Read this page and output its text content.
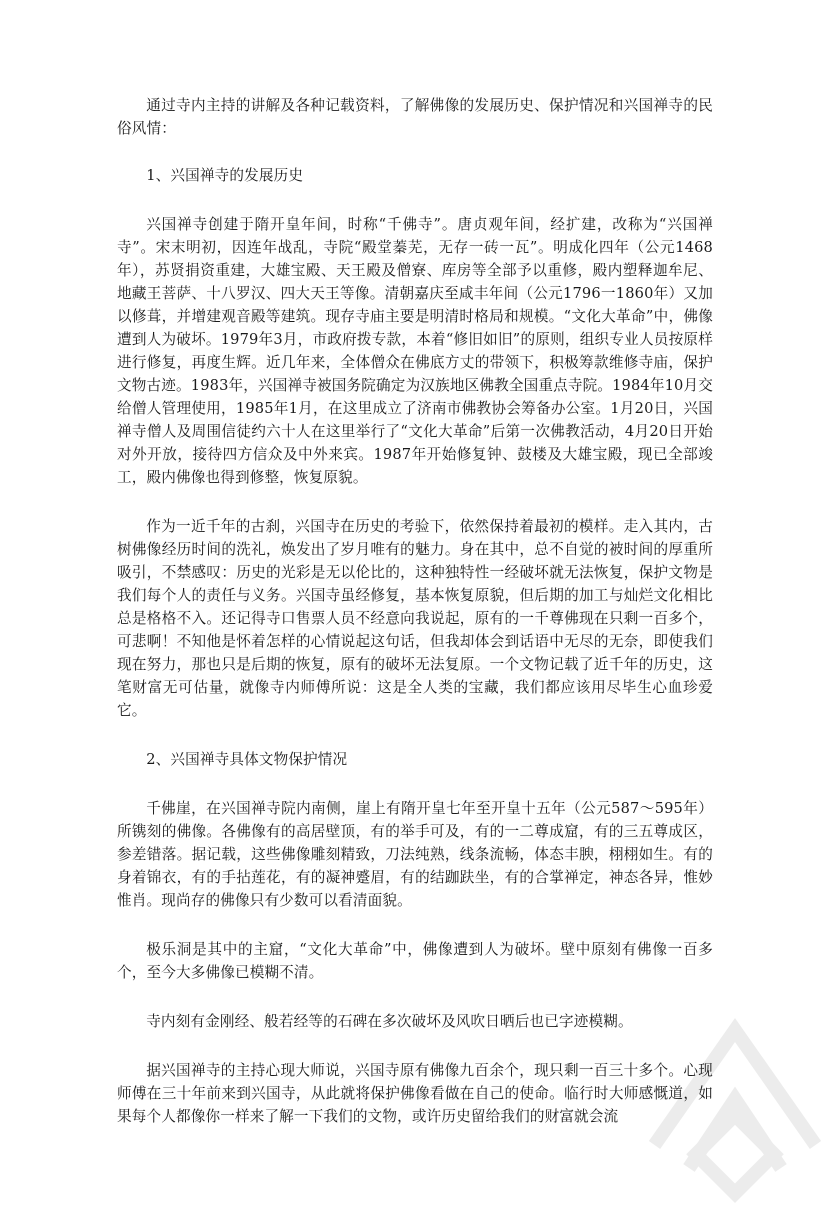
通过寺内主持的讲解及各种记载资料，了解佛像的发展历史、保护情况和兴国禅寺的民俗风情：

1、兴国禅寺的发展历史

兴国禅寺创建于隋开皇年间，时称“千佛寺”。唐贞观年间，经扩建，改称为“兴国禅寺”。宋末明初，因连年战乱，寺院“殿堂蓁芜，无存一砖一瓦”。明成化四年（公元1468年），苏贤捐资重建，大雄宝殿、天王殿及僧寮、库房等全部予以重修，殿内塑释迦牟尼、地藏王菩萨、十八罗汉、四大天王等像。清朝嘉庆至咸丰年间（公元1796一1860年）又加以修葺，并增建观音殿等建筑。现存寺庙主要是明清时格局和规模。“文化大革命”中，佛像遭到人为破坏。1979年3月，市政府拨专款，本着“修旧如旧”的原则，组织专业人员按原样进行修复，再度生辉。近几年来，全体僧众在佛底方丈的带领下，积极筹款维修寺庙，保护文物古迹。1983年，兴国禅寺被国务院确定为汉族地区佛教全国重点寺院。1984年10月交给僧人管理使用，1985年1月，在这里成立了济南市佛教协会筹备办公室。1月20日，兴国禅寺僧人及周围信徒约六十人在这里举行了“文化大革命”后第一次佛教活动，4月20日开始对外开放，接待四方信众及中外来宾。1987年开始修复钟、鼓楼及大雄宝殿，现已全部竣工，殿内佛像也得到修整，恢复原貌。

作为一近千年的古刹，兴国寺在历史的考验下，依然保持着最初的模样。走入其内，古树佛像经历时间的洗礼，焕发出了岁月唯有的魅力。身在其中，总不自觉的被时间的厚重所吸引，不禁感叹：历史的光彩是无以伦比的，这种独特性一经破坏就无法恢复，保护文物是我们每个人的责任与义务。兴国寺虽经修复，基本恢复原貌，但后期的加工与灿烂文化相比总是格格不入。还记得寺口售票人员不经意向我说起，原有的一千尊佛现在只剩一百多个，可悲啊！不知他是怀着怎样的心情说起这句话，但我却体会到话语中无尽的无奈，即使我们现在努力，那也只是后期的恢复，原有的破坏无法复原。一个文物记载了近千年的历史，这笔财富无可估量，就像寺内师傅所说：这是全人类的宝藏，我们都应该用尽毕生心血珍爱它。

2、兴国禅寺具体文物保护情况

千佛崖，在兴国禅寺院内南侧，崖上有隋开皇七年至开皇十五年（公元587～595年）所镌刻的佛像。各佛像有的高居壁顶，有的举手可及，有的一二尊成窟，有的三五尊成区，参差错落。据记载，这些佛像雕刻精致，刀法纯熟，线条流畅，体态丰腴，栩栩如生。有的身着锦衣，有的手拈莲花，有的凝神蹙眉，有的结跏趺坐，有的合掌禅定，神态各异，惟妙惟肖。现尚存的佛像只有少数可以看清面貌。

极乐洞是其中的主窟，“文化大革命”中，佛像遭到人为破坏。壁中原刻有佛像一百多个，至今大多佛像已模糊不清。

寺内刻有金刚经、般若经等的石碑在多次破坏及风吹日晒后也已字迹模糊。

据兴国禅寺的主持心现大师说，兴国寺原有佛像九百余个，现只剩一百三十多个。心现师傅在三十年前来到兴国寺，从此就将保护佛像看做在自己的使命。临行时大师感慨道，如果每个人都像你一样来了解一下我们的文物，或许历史留给我们的财富就会流
